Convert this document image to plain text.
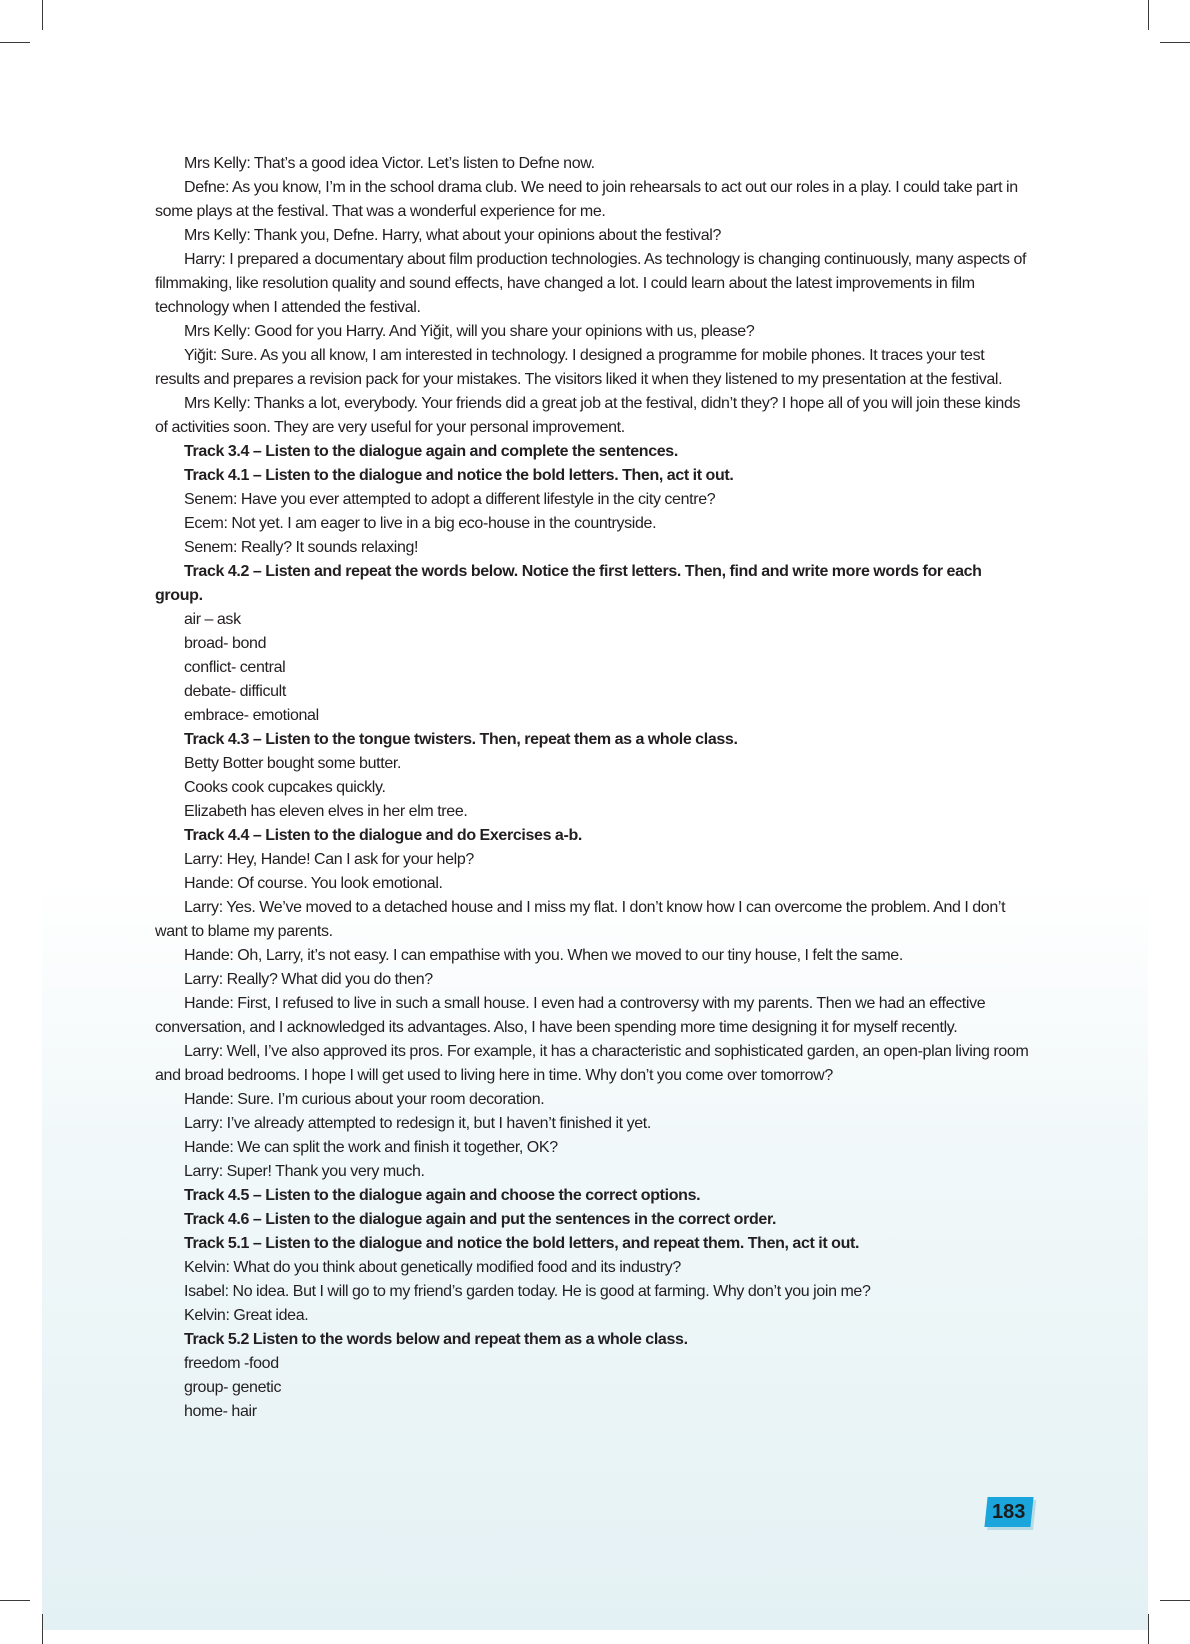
Mrs Kelly: That’s a good idea Victor. Let’s listen to Defne now.

Defne: As you know, I’m in the school drama club. We need to join rehearsals to act out our roles in a play. I could take part in some plays at the festival. That was a wonderful experience for me.

Mrs Kelly: Thank you, Defne. Harry, what about your opinions about the festival?

Harry: I prepared a documentary about film production technologies. As technology is changing continuously, many aspects of filmmaking, like resolution quality and sound effects, have changed a lot. I could learn about the latest improvements in film technology when I attended the festival.

Mrs Kelly: Good for you Harry. And Yiğit, will you share your opinions with us, please?

Yiğit: Sure. As you all know, I am interested in technology. I designed a programme for mobile phones. It traces your test results and prepares a revision pack for your mistakes. The visitors liked it when they listened to my presentation at the festival.

Mrs Kelly: Thanks a lot, everybody. Your friends did a great job at the festival, didn’t they? I hope all of you will join these kinds of activities soon. They are very useful for your personal improvement.

Track 3.4 – Listen to the dialogue again and complete the sentences.

Track 4.1 – Listen to the dialogue and notice the bold letters. Then, act it out.

Senem: Have you ever attempted to adopt a different lifestyle in the city centre?

Ecem: Not yet. I am eager to live in a big eco-house in the countryside.

Senem: Really? It sounds relaxing!

Track 4.2 – Listen and repeat the words below. Notice the first letters. Then, find and write more words for each group.

air – ask

broad- bond

conflict- central

debate- difficult

embrace- emotional

Track 4.3 – Listen to the tongue twisters. Then, repeat them as a whole class.

Betty Botter bought some butter.

Cooks cook cupcakes quickly.

Elizabeth has eleven elves in her elm tree.

Track 4.4 – Listen to the dialogue and do Exercises a-b.

Larry: Hey, Hande! Can I ask for your help?

Hande: Of course. You look emotional.

Larry: Yes. We’ve moved to a detached house and I miss my flat. I don’t know how I can overcome the problem. And I don’t want to blame my parents.

Hande: Oh, Larry, it’s not easy. I can empathise with you. When we moved to our tiny house, I felt the same.

Larry: Really? What did you do then?

Hande: First, I refused to live in such a small house. I even had a controversy with my parents. Then we had an effective conversation, and I acknowledged its advantages. Also, I have been spending more time designing it for myself recently.

Larry: Well, I’ve also approved its pros. For example, it has a characteristic and sophisticated garden, an open-plan living room and broad bedrooms. I hope I will get used to living here in time. Why don’t you come over tomorrow?

Hande: Sure. I’m curious about your room decoration.

Larry: I’ve already attempted to redesign it, but I haven’t finished it yet.

Hande: We can split the work and finish it together, OK?

Larry: Super! Thank you very much.

Track 4.5 – Listen to the dialogue again and choose the correct options.

Track 4.6 – Listen to the dialogue again and put the sentences in the correct order.

Track 5.1 – Listen to the dialogue and notice the bold letters, and repeat them. Then, act it out.

Kelvin: What do you think about genetically modified food and its industry?

Isabel: No idea. But I will go to my friend’s garden today. He is good at farming. Why don’t you join me?

Kelvin: Great idea.

Track 5.2 Listen to the words below and repeat them as a whole class.

freedom -food

group- genetic

home- hair

183
